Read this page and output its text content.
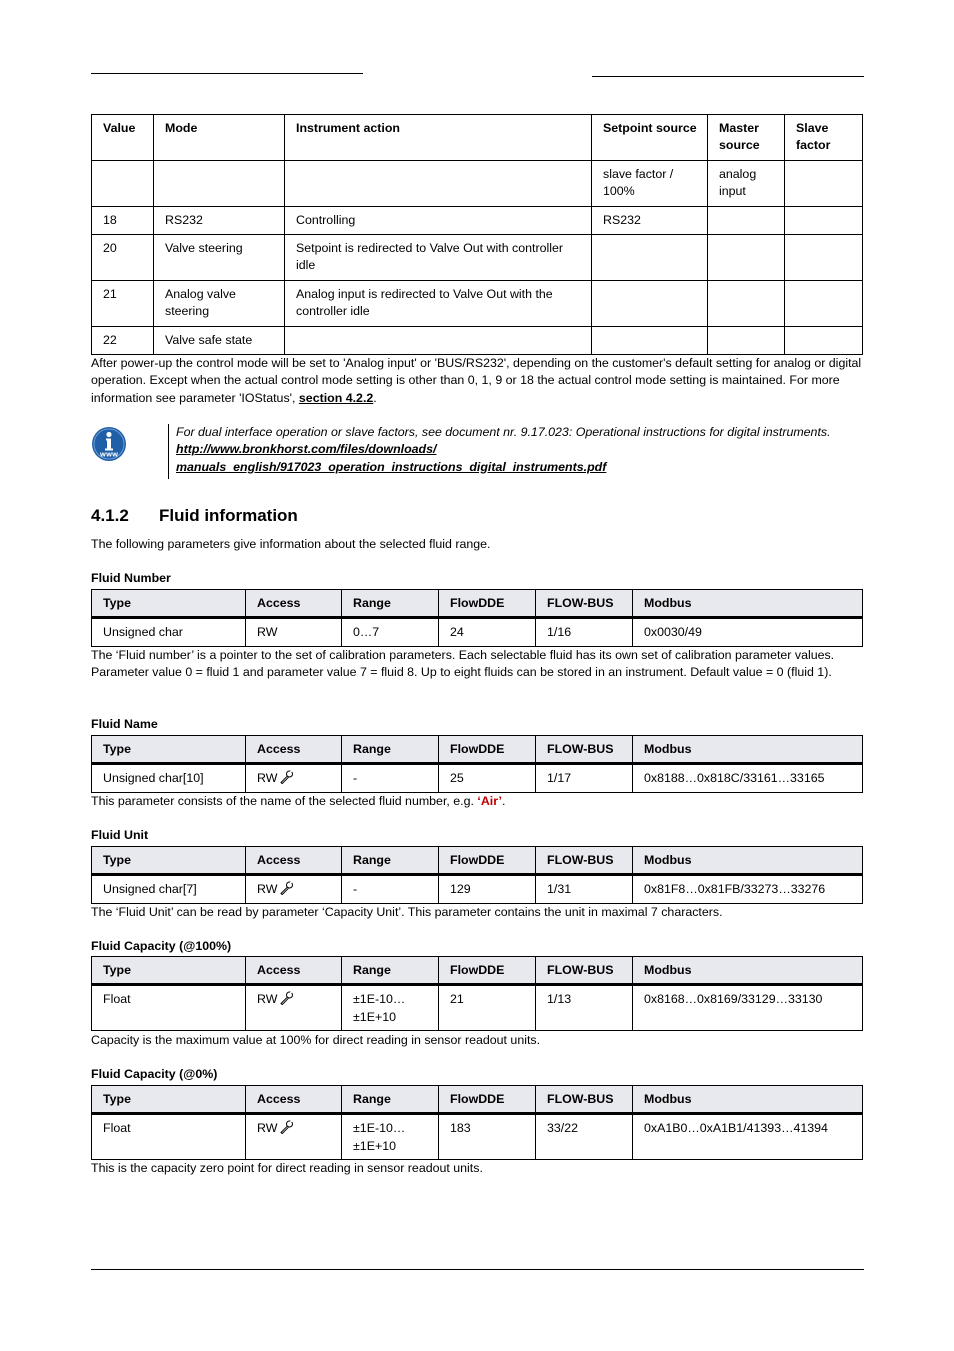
Value	Mode	Instrument action	Setpoint source	Master source	Slave factor
			slave factor / 100%	analog input	
18	RS232	Controlling	RS232		
20	Valve steering	Setpoint is redirected to Valve Out with controller idle			
21	Analog valve steering	Analog input is redirected to Valve Out with the controller idle			
22	Valve safe state				
After power-up the control mode will be set to 'Analog input' or 'BUS/RS232', depending on the customer's default setting for analog or digital operation. Except when the actual control mode setting is other than 0, 1, 9 or 18 the actual control mode setting is maintained. For more information see parameter 'IOStatus', section 4.2.2.
WWW
For dual interface operation or slave factors, see document nr. 9.17.023: Operational instructions for digital instruments.
http://www.bronkhorst.com/files/downloads/
manuals_english/917023_operation_instructions_digital_instruments.pdf
4.1.2 Fluid information
The following parameters give information about the selected fluid range.
Fluid Number
Type	Access	Range	FlowDDE	FLOW-BUS	Modbus
Unsigned char	RW	0…7	24	1/16	0x0030/49
The ‘Fluid number’ is a pointer to the set of calibration parameters. Each selectable fluid has its own set of calibration parameter values. Parameter value 0 = fluid 1 and parameter value 7 = fluid 8. Up to eight fluids can be stored in an instrument. Default value = 0 (fluid 1).
Fluid Name
Type	Access	Range	FlowDDE	FLOW-BUS	Modbus
Unsigned char[10]	RW	-	25	1/17	0x8188…0x818C/33161…33165
This parameter consists of the name of the selected fluid number, e.g. ‘Air’.
Fluid Unit
Type	Access	Range	FlowDDE	FLOW-BUS	Modbus
Unsigned char[7]	RW	-	129	1/31	0x81F8…0x81FB/33273…33276
The ‘Fluid Unit’ can be read by parameter ‘Capacity Unit’. This parameter contains the unit in maximal 7 characters.
Fluid Capacity (@100%)
Type	Access	Range	FlowDDE	FLOW-BUS	Modbus
Float	RW	±1E-10… ±1E+10	21	1/13	0x8168…0x8169/33129…33130
Capacity is the maximum value at 100% for direct reading in sensor readout units.
Fluid Capacity (@0%)
Type	Access	Range	FlowDDE	FLOW-BUS	Modbus
Float	RW	±1E-10… ±1E+10	183	33/22	0xA1B0…0xA1B1/41393…41394
This is the capacity zero point for direct reading in sensor readout units.
